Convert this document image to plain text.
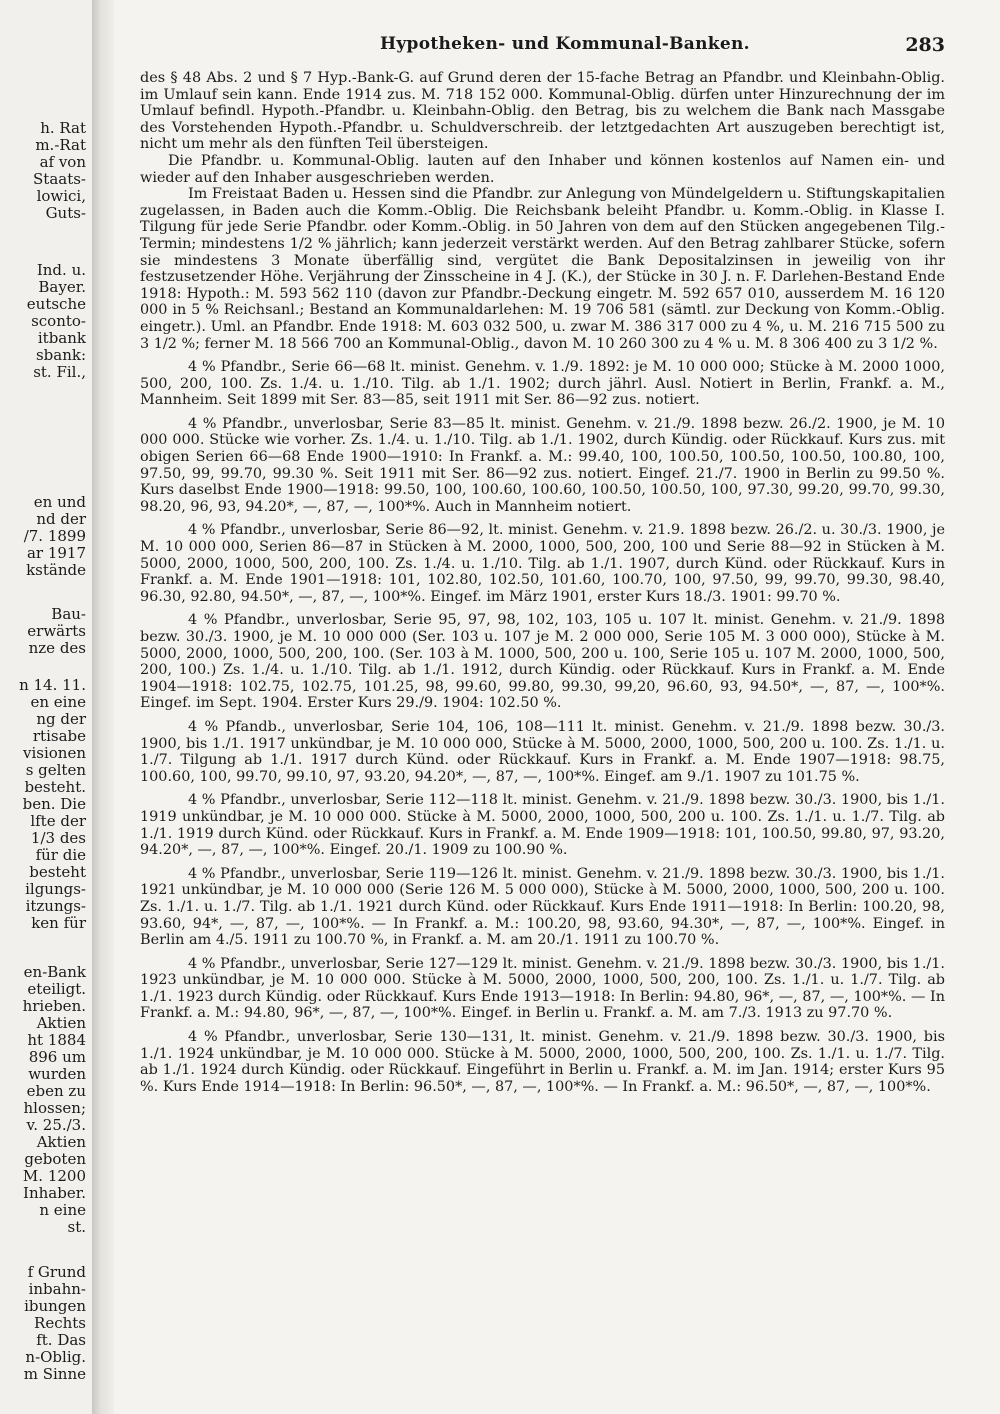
h. Rat
m.-Rat
af von
Staats-
lowici,
Guts-
Ind. u.
Bayer.
eutsche
sconto-
itbank
sbank:
st. Fil.,
en und
nd der
/7. 1899
ar 1917
kstände
Bau-
erwärts
nze des
n 14. 11.
en eine
ng der
rtisabe
visionen
s gelten
besteht.
ben. Die
lfte der
1/3 des
für die
besteht
ilgungs-
itzungs-
ken für
en-Bank
eteiligt.
hrieben.
Aktien
ht 1884
896 um
wurden
eben zu
hlossen;
v. 25./3.
Aktien
geboten
M. 1200
Inhaber.
n eine
st.
f Grund
inbahn-
ibungen
Rechts
ft. Das
n-Oblig.
m Sinne
Hypotheken- und Kommunal-Banken.	283

des § 48 Abs. 2 und § 7 Hyp.-Bank-G. auf Grund deren der 15-fache Betrag an Pfandbr. und Kleinbahn-Oblig. im Umlauf sein kann. Ende 1914 zus. M. 718 152 000. Kommunal-Oblig. dürfen unter Hinzurechnung der im Umlauf befindl. Hypoth.-Pfandbr. u. Kleinbahn-Oblig. den Betrag, bis zu welchem die Bank nach Massgabe des Vorstehenden Hypoth.-Pfandbr. u. Schuldverschreib. der letztgedachten Art auszugeben berechtigt ist, nicht um mehr als den fünften Teil übersteigen.

Die Pfandbr. u. Kommunal-Oblig. lauten auf den Inhaber und können kostenlos auf Namen ein- und wieder auf den Inhaber ausgeschrieben werden.

Im Freistaat Baden u. Hessen sind die Pfandbr. zur Anlegung von Mündelgeldern u. Stiftungskapitalien zugelassen, in Baden auch die Komm.-Oblig. Die Reichsbank beleiht Pfandbr. u. Komm.-Oblig. in Klasse I. Tilgung für jede Serie Pfandbr. oder Komm.-Oblig. in 50 Jahren von dem auf den Stücken angegebenen Tilg.-Termin; mindestens 1/2 % jährlich; kann jederzeit verstärkt werden. Auf den Betrag zahlbarer Stücke, sofern sie mindestens 3 Monate überfällig sind, vergütet die Bank Depositalzinsen in jeweilig von ihr festzusetzender Höhe. Verjährung der Zinsscheine in 4 J. (K.), der Stücke in 30 J. n. F. Darlehen-Bestand Ende 1918: Hypoth.: M. 593 562 110 (davon zur Pfandbr.-Deckung eingetr. M. 592 657 010, ausserdem M. 16 120 000 in 5 % Reichsanl.; Bestand an Kommunaldarlehen: M. 19 706 581 (sämtl. zur Deckung von Komm.-Oblig. eingetr.). Uml. an Pfandbr. Ende 1918: M. 603 032 500, u. zwar M. 386 317 000 zu 4 %, u. M. 216 715 500 zu 3 1/2 %; ferner M. 18 566 700 an Kommunal-Oblig., davon M. 10 260 300 zu 4 % u. M. 8 306 400 zu 3 1/2 %.

4 % Pfandbr., Serie 66—68 lt. minist. Genehm. v. 1./9. 1892: je M. 10 000 000; Stücke à M. 2000 1000, 500, 200, 100. Zs. 1./4. u. 1./10. Tilg. ab 1./1. 1902; durch jährl. Ausl. Notiert in Berlin, Frankf. a. M., Mannheim. Seit 1899 mit Ser. 83—85, seit 1911 mit Ser. 86—92 zus. notiert.

4 % Pfandbr., unverlosbar, Serie 83—85 lt. minist. Genehm. v. 21./9. 1898 bezw. 26./2. 1900, je M. 10 000 000. Stücke wie vorher. Zs. 1./4. u. 1./10. Tilg. ab 1./1. 1902, durch Kündig. oder Rückkauf. Kurs zus. mit obigen Serien 66—68 Ende 1900—1910: In Frankf. a. M.: 99.40, 100, 100.50, 100.50, 100.50, 100.80, 100, 97.50, 99, 99.70, 99.30 %. Seit 1911 mit Ser. 86—92 zus. notiert. Eingef. 21./7. 1900 in Berlin zu 99.50 %. Kurs daselbst Ende 1900—1918: 99.50, 100, 100.60, 100.60, 100.50, 100.50, 100, 97.30, 99.20, 99.70, 99.30, 98.20, 96, 93, 94.20*, —, 87, —, 100*%. Auch in Mannheim notiert.

4 % Pfandbr., unverlosbar, Serie 86—92, lt. minist. Genehm. v. 21.9. 1898 bezw. 26./2. u. 30./3. 1900, je M. 10 000 000, Serien 86—87 in Stücken à M. 2000, 1000, 500, 200, 100 und Serie 88—92 in Stücken à M. 5000, 2000, 1000, 500, 200, 100. Zs. 1./4. u. 1./10. Tilg. ab 1./1. 1907, durch Künd. oder Rückkauf. Kurs in Frankf. a. M. Ende 1901—1918: 101, 102.80, 102.50, 101.60, 100.70, 100, 97.50, 99, 99.70, 99.30, 98.40, 96.30, 92.80, 94.50*, —, 87, —, 100*%. Eingef. im März 1901, erster Kurs 18./3. 1901: 99.70 %.

4 % Pfandbr., unverlosbar, Serie 95, 97, 98, 102, 103, 105 u. 107 lt. minist. Genehm. v. 21./9. 1898 bezw. 30./3. 1900, je M. 10 000 000 (Ser. 103 u. 107 je M. 2 000 000, Serie 105 M. 3 000 000), Stücke à M. 5000, 2000, 1000, 500, 200, 100. (Ser. 103 à M. 1000, 500, 200 u. 100, Serie 105 u. 107 M. 2000, 1000, 500, 200, 100.) Zs. 1./4. u. 1./10. Tilg. ab 1./1. 1912, durch Kündig. oder Rückkauf. Kurs in Frankf. a. M. Ende 1904—1918: 102.75, 102.75, 101.25, 98, 99.60, 99.80, 99.30, 99,20, 96.60, 93, 94.50*, —, 87, —, 100*%. Eingef. im Sept. 1904. Erster Kurs 29./9. 1904: 102.50 %.

4 % Pfandb., unverlosbar, Serie 104, 106, 108—111 lt. minist. Genehm. v. 21./9. 1898 bezw. 30./3. 1900, bis 1./1. 1917 unkündbar, je M. 10 000 000, Stücke à M. 5000, 2000, 1000, 500, 200 u. 100. Zs. 1./1. u. 1./7. Tilgung ab 1./1. 1917 durch Künd. oder Rückkauf. Kurs in Frankf. a. M. Ende 1907—1918: 98.75, 100.60, 100, 99.70, 99.10, 97, 93.20, 94.20*, —, 87, —, 100*%. Eingef. am 9./1. 1907 zu 101.75 %.

4 % Pfandbr., unverlosbar, Serie 112—118 lt. minist. Genehm. v. 21./9. 1898 bezw. 30./3. 1900, bis 1./1. 1919 unkündbar, je M. 10 000 000. Stücke à M. 5000, 2000, 1000, 500, 200 u. 100. Zs. 1./1. u. 1./7. Tilg. ab 1./1. 1919 durch Künd. oder Rückkauf. Kurs in Frankf. a. M. Ende 1909—1918: 101, 100.50, 99.80, 97, 93.20, 94.20*, —, 87, —, 100*%. Eingef. 20./1. 1909 zu 100.90 %.

4 % Pfandbr., unverlosbar, Serie 119—126 lt. minist. Genehm. v. 21./9. 1898 bezw. 30./3. 1900, bis 1./1. 1921 unkündbar, je M. 10 000 000 (Serie 126 M. 5 000 000), Stücke à M. 5000, 2000, 1000, 500, 200 u. 100. Zs. 1./1. u. 1./7. Tilg. ab 1./1. 1921 durch Künd. oder Rückkauf. Kurs Ende 1911—1918: In Berlin: 100.20, 98, 93.60, 94*, —, 87, —, 100*%. — In Frankf. a. M.: 100.20, 98, 93.60, 94.30*, —, 87, —, 100*%. Eingef. in Berlin am 4./5. 1911 zu 100.70 %, in Frankf. a. M. am 20./1. 1911 zu 100.70 %.

4 % Pfandbr., unverlosbar, Serie 127—129 lt. minist. Genehm. v. 21./9. 1898 bezw. 30./3. 1900, bis 1./1. 1923 unkündbar, je M. 10 000 000. Stücke à M. 5000, 2000, 1000, 500, 200, 100. Zs. 1./1. u. 1./7. Tilg. ab 1./1. 1923 durch Kündig. oder Rückkauf. Kurs Ende 1913—1918: In Berlin: 94.80, 96*, —, 87, —, 100*%. — In Frankf. a. M.: 94.80, 96*, —, 87, —, 100*%. Eingef. in Berlin u. Frankf. a. M. am 7./3. 1913 zu 97.70 %.

4 % Pfandbr., unverlosbar, Serie 130—131, lt. minist. Genehm. v. 21./9. 1898 bezw. 30./3. 1900, bis 1./1. 1924 unkündbar, je M. 10 000 000. Stücke à M. 5000, 2000, 1000, 500, 200, 100. Zs. 1./1. u. 1./7. Tilg. ab 1./1. 1924 durch Kündig. oder Rückkauf. Eingeführt in Berlin u. Frankf. a. M. im Jan. 1914; erster Kurs 95 %. Kurs Ende 1914—1918: In Berlin: 96.50*, —, 87, —, 100*%. — In Frankf. a. M.: 96.50*, —, 87, —, 100*%.
